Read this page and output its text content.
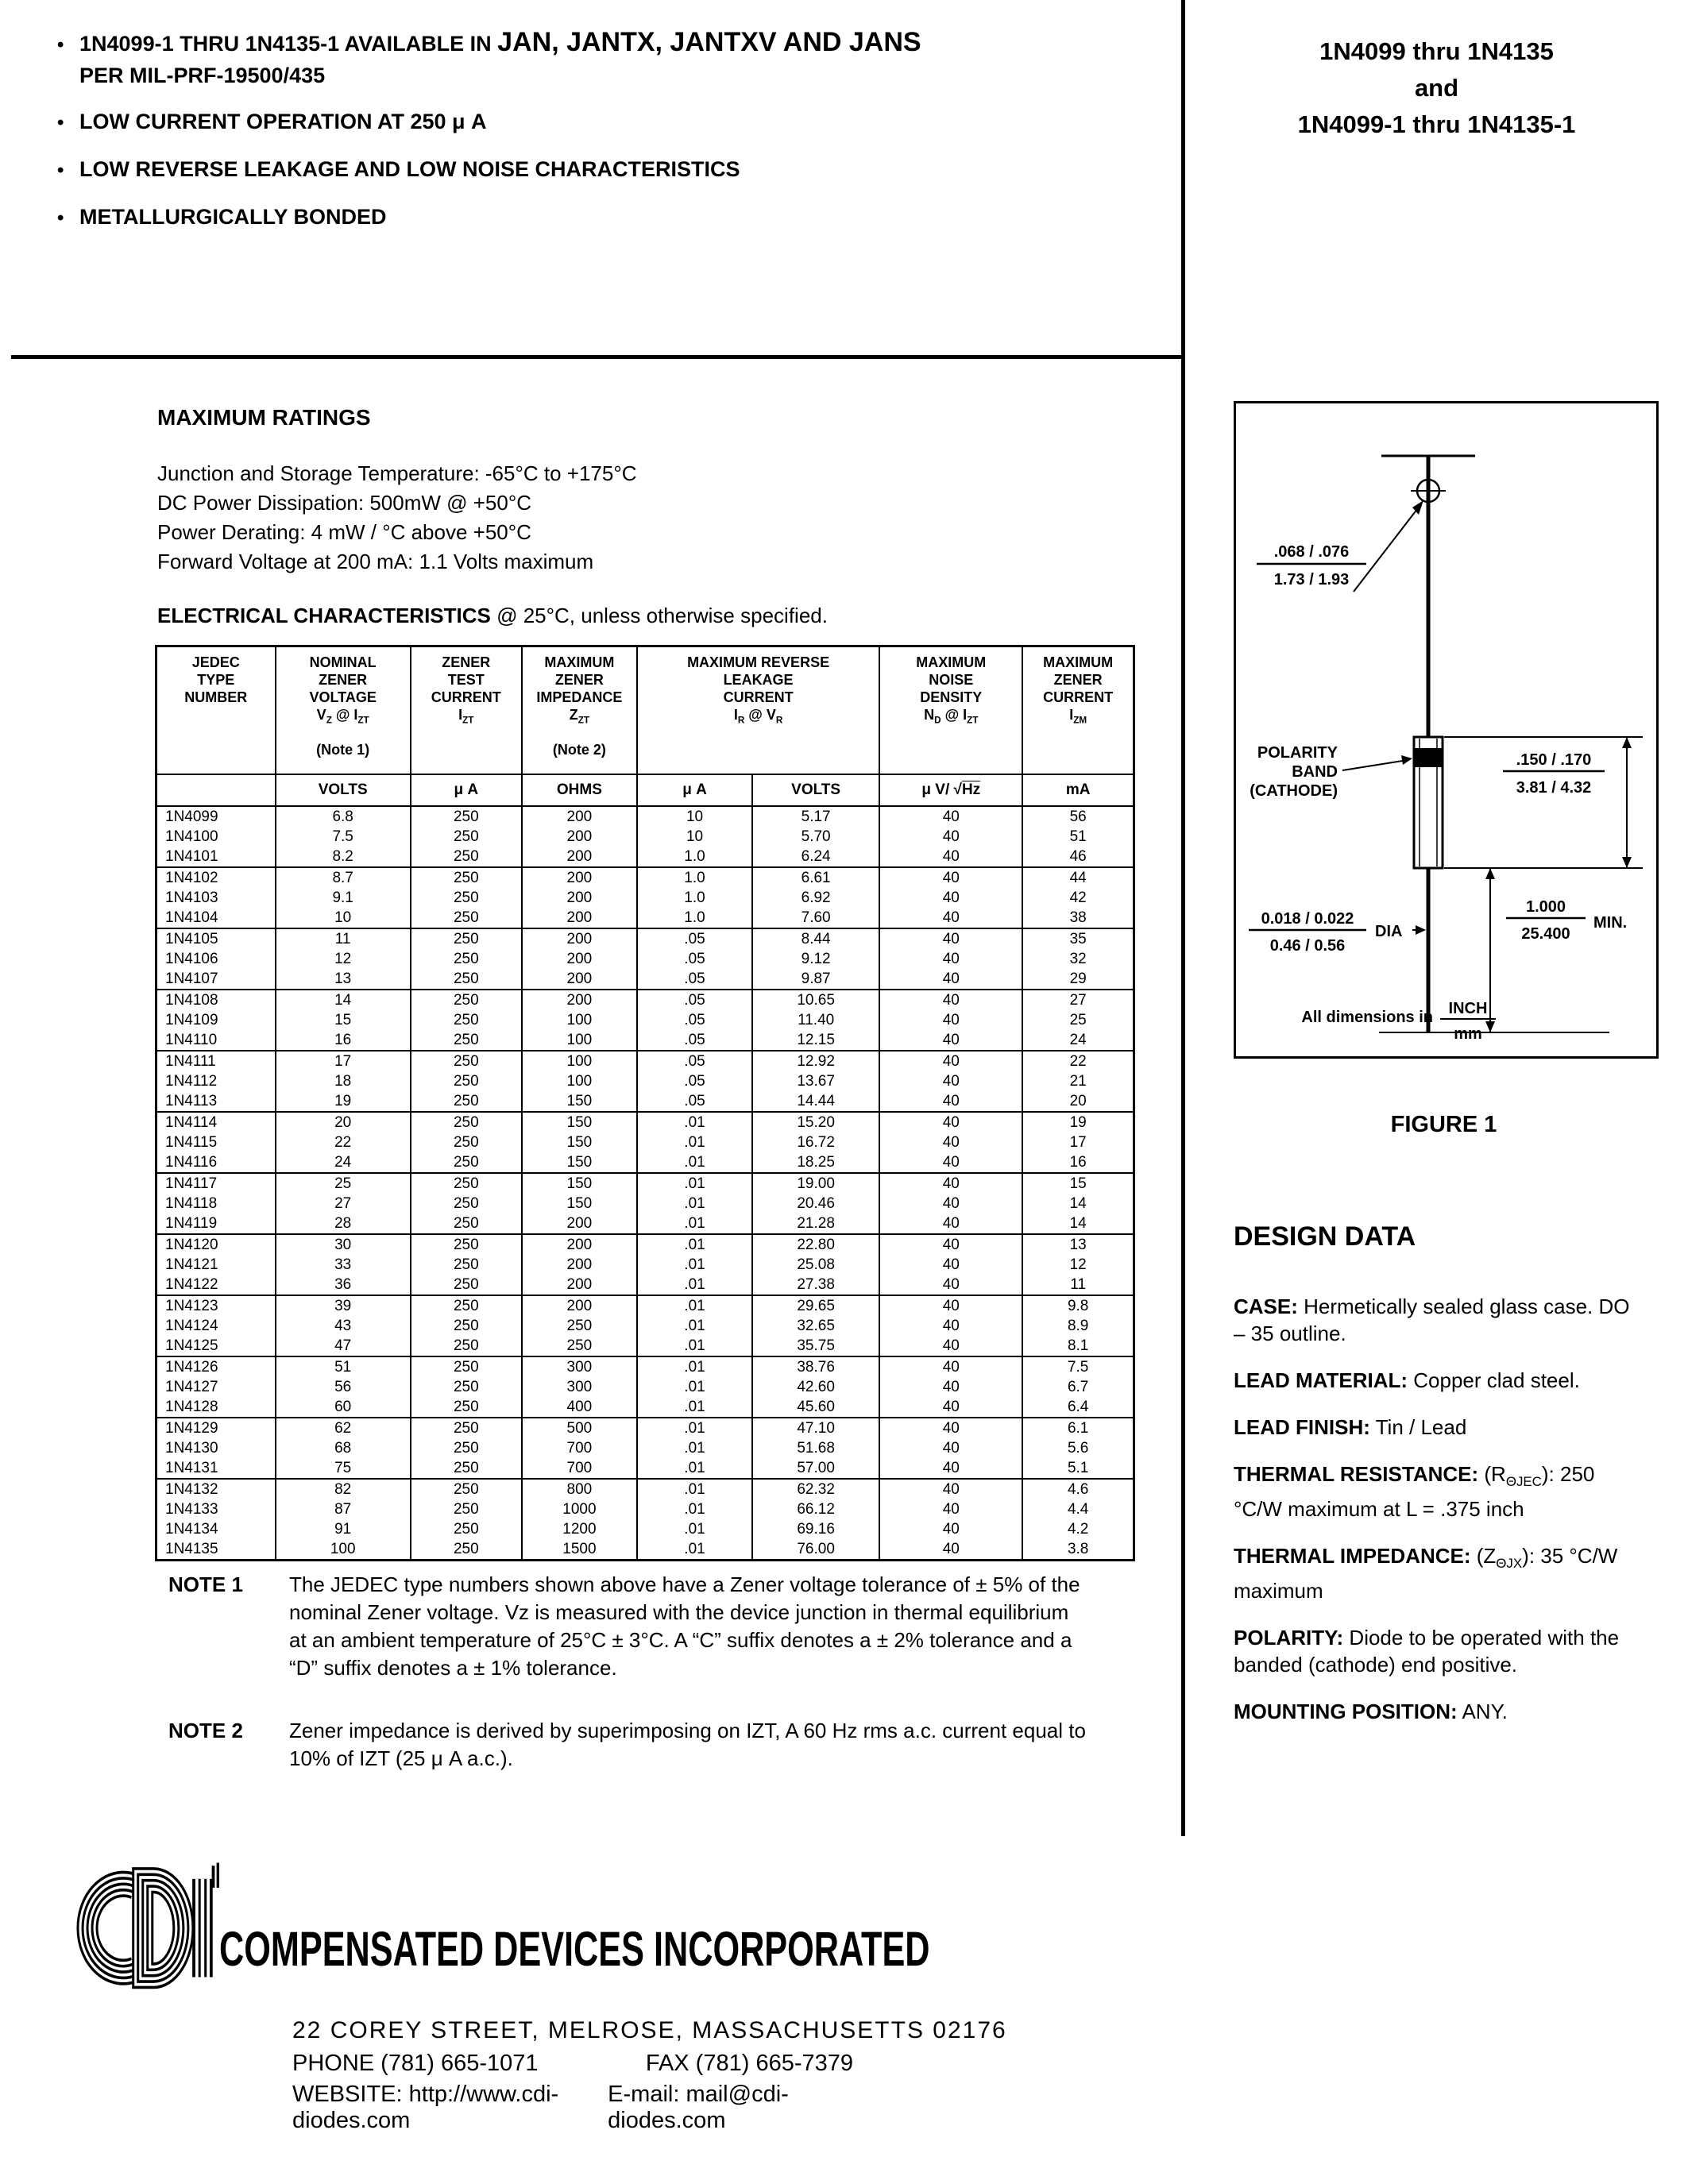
• 1N4099-1 THRU 1N4135-1 AVAILABLE IN JAN, JANTX, JANTXV AND JANS
PER MIL-PRF-19500/435
• LOW CURRENT OPERATION AT 250 μ A
• LOW REVERSE LEAKAGE AND LOW NOISE CHARACTERISTICS
• METALLURGICALLY BONDED
1N4099 thru 1N4135
and
1N4099-1 thru 1N4135-1
MAXIMUM RATINGS
Junction and Storage Temperature: -65°C to +175°C
DC Power Dissipation: 500mW @ +50°C
Power Derating: 4 mW / °C above +50°C
Forward Voltage at 200 mA: 1.1 Volts maximum
ELECTRICAL CHARACTERISTICS @ 25°C, unless otherwise specified.
JEDEC
TYPE
NUMBER

NOMINAL
ZENER
VOLTAGE
$V_Z$ @ $I_{ZT}$
(Note 1)

ZENER
TEST
CURRENT
$I_{ZT}$

MAXIMUM
ZENER
IMPEDANCE
$Z_{ZT}$
(Note 2)

MAXIMUM REVERSE
LEAKAGE
CURRENT
$I_R$ @ $V_R$

MAXIMUM
NOISE
DENSITY
$N_D$ @ $I_{ZT}$

MAXIMUM
ZENER
CURRENT
$I_{ZM}$

	VOLTS	μ A	OHMS	μ A	VOLTS	μ V/ √Hz	mA
1N4099	6.8	250	200	10	5.17	40	56
1N4100	7.5	250	200	10	5.70	40	51
1N4101	8.2	250	200	1.0	6.24	40	46
1N4102	8.7	250	200	1.0	6.61	40	44
1N4103	9.1	250	200	1.0	6.92	40	42
1N4104	10	250	200	1.0	7.60	40	38
1N4105	11	250	200	.05	8.44	40	35
1N4106	12	250	200	.05	9.12	40	32
1N4107	13	250	200	.05	9.87	40	29
1N4108	14	250	200	.05	10.65	40	27
1N4109	15	250	100	.05	11.40	40	25
1N4110	16	250	100	.05	12.15	40	24
1N4111	17	250	100	.05	12.92	40	22
1N4112	18	250	100	.05	13.67	40	21
1N4113	19	250	150	.05	14.44	40	20
1N4114	20	250	150	.01	15.20	40	19
1N4115	22	250	150	.01	16.72	40	17
1N4116	24	250	150	.01	18.25	40	16
1N4117	25	250	150	.01	19.00	40	15
1N4118	27	250	150	.01	20.46	40	14
1N4119	28	250	200	.01	21.28	40	14
1N4120	30	250	200	.01	22.80	40	13
1N4121	33	250	200	.01	25.08	40	12
1N4122	36	250	200	.01	27.38	40	11
1N4123	39	250	200	.01	29.65	40	9.8
1N4124	43	250	250	.01	32.65	40	8.9
1N4125	47	250	250	.01	35.75	40	8.1
1N4126	51	250	300	.01	38.76	40	7.5
1N4127	56	250	300	.01	42.60	40	6.7
1N4128	60	250	400	.01	45.60	40	6.4
1N4129	62	250	500	.01	47.10	40	6.1
1N4130	68	250	700	.01	51.68	40	5.6
1N4131	75	250	700	.01	57.00	40	5.1
1N4132	82	250	800	.01	62.32	40	4.6
1N4133	87	250	1000	.01	66.12	40	4.4
1N4134	91	250	1200	.01	69.16	40	4.2
1N4135	100	250	1500	.01	76.00	40	3.8
NOTE 1	The JEDEC type numbers shown above have a Zener voltage tolerance of ± 5% of the nominal Zener voltage. Vz is measured with the device junction in thermal equilibrium at an ambient temperature of 25°C ± 3°C. A “C” suffix denotes a ± 2% tolerance and a “D” suffix denotes a ± 1% tolerance.
NOTE 2	Zener impedance is derived by superimposing on IZT, A 60 Hz rms a.c. current equal to 10% of IZT (25 μ A a.c.).
.068 / .076
1.73 / 1.93
POLARITY
BAND
(CATHODE)
.150 / .170
3.81 / 4.32
1.000
25.400
MIN.
0.018 / 0.022
0.46 / 0.56
DIA
All dimensions in INCH
mm
FIGURE 1
DESIGN DATA
CASE: Hermetically sealed glass case. DO – 35 outline.
LEAD MATERIAL: Copper clad steel.
LEAD FINISH: Tin / Lead
THERMAL RESISTANCE: $(R_{\Theta JEC})$: 250 °C/W maximum at L = .375 inch
THERMAL IMPEDANCE: $(Z_{\Theta JX})$: 35 °C/W maximum
POLARITY: Diode to be operated with the banded (cathode) end positive.
MOUNTING POSITION: ANY.
COMPENSATED DEVICES INCORPORATED
22 COREY STREET, MELROSE, MASSACHUSETTS 02176
PHONE (781) 665-1071	FAX (781) 665-7379
WEBSITE: http://www.cdi-diodes.com
E-mail: mail@cdi-diodes.com
